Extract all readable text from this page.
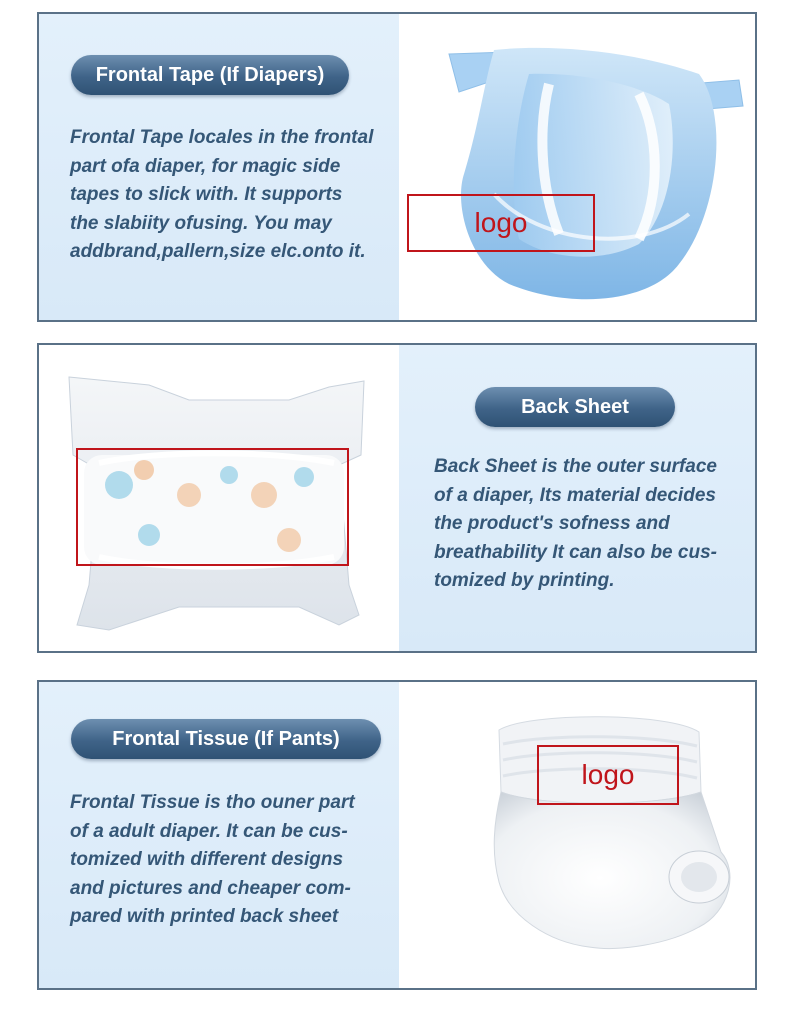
Frontal Tape (If Diapers)

Frontal Tape locales in the frontal
part ofa diaper, for magic side
tapes to slick with. It supports
the slabiity ofusing. You may
addbrand,pallern,size elc.onto it.

logo
Back Sheet

Back Sheet is the outer surface
of a diaper, Its material decides
the product's sofness and
breathability It can also be cus-
tomized by printing.

Frontal Tissue (If Pants)

Frontal Tissue is tho ouner part
of a adult diaper. It can be cus-
tomized with different designs
and pictures and cheaper com-
pared with printed back sheet

logo
